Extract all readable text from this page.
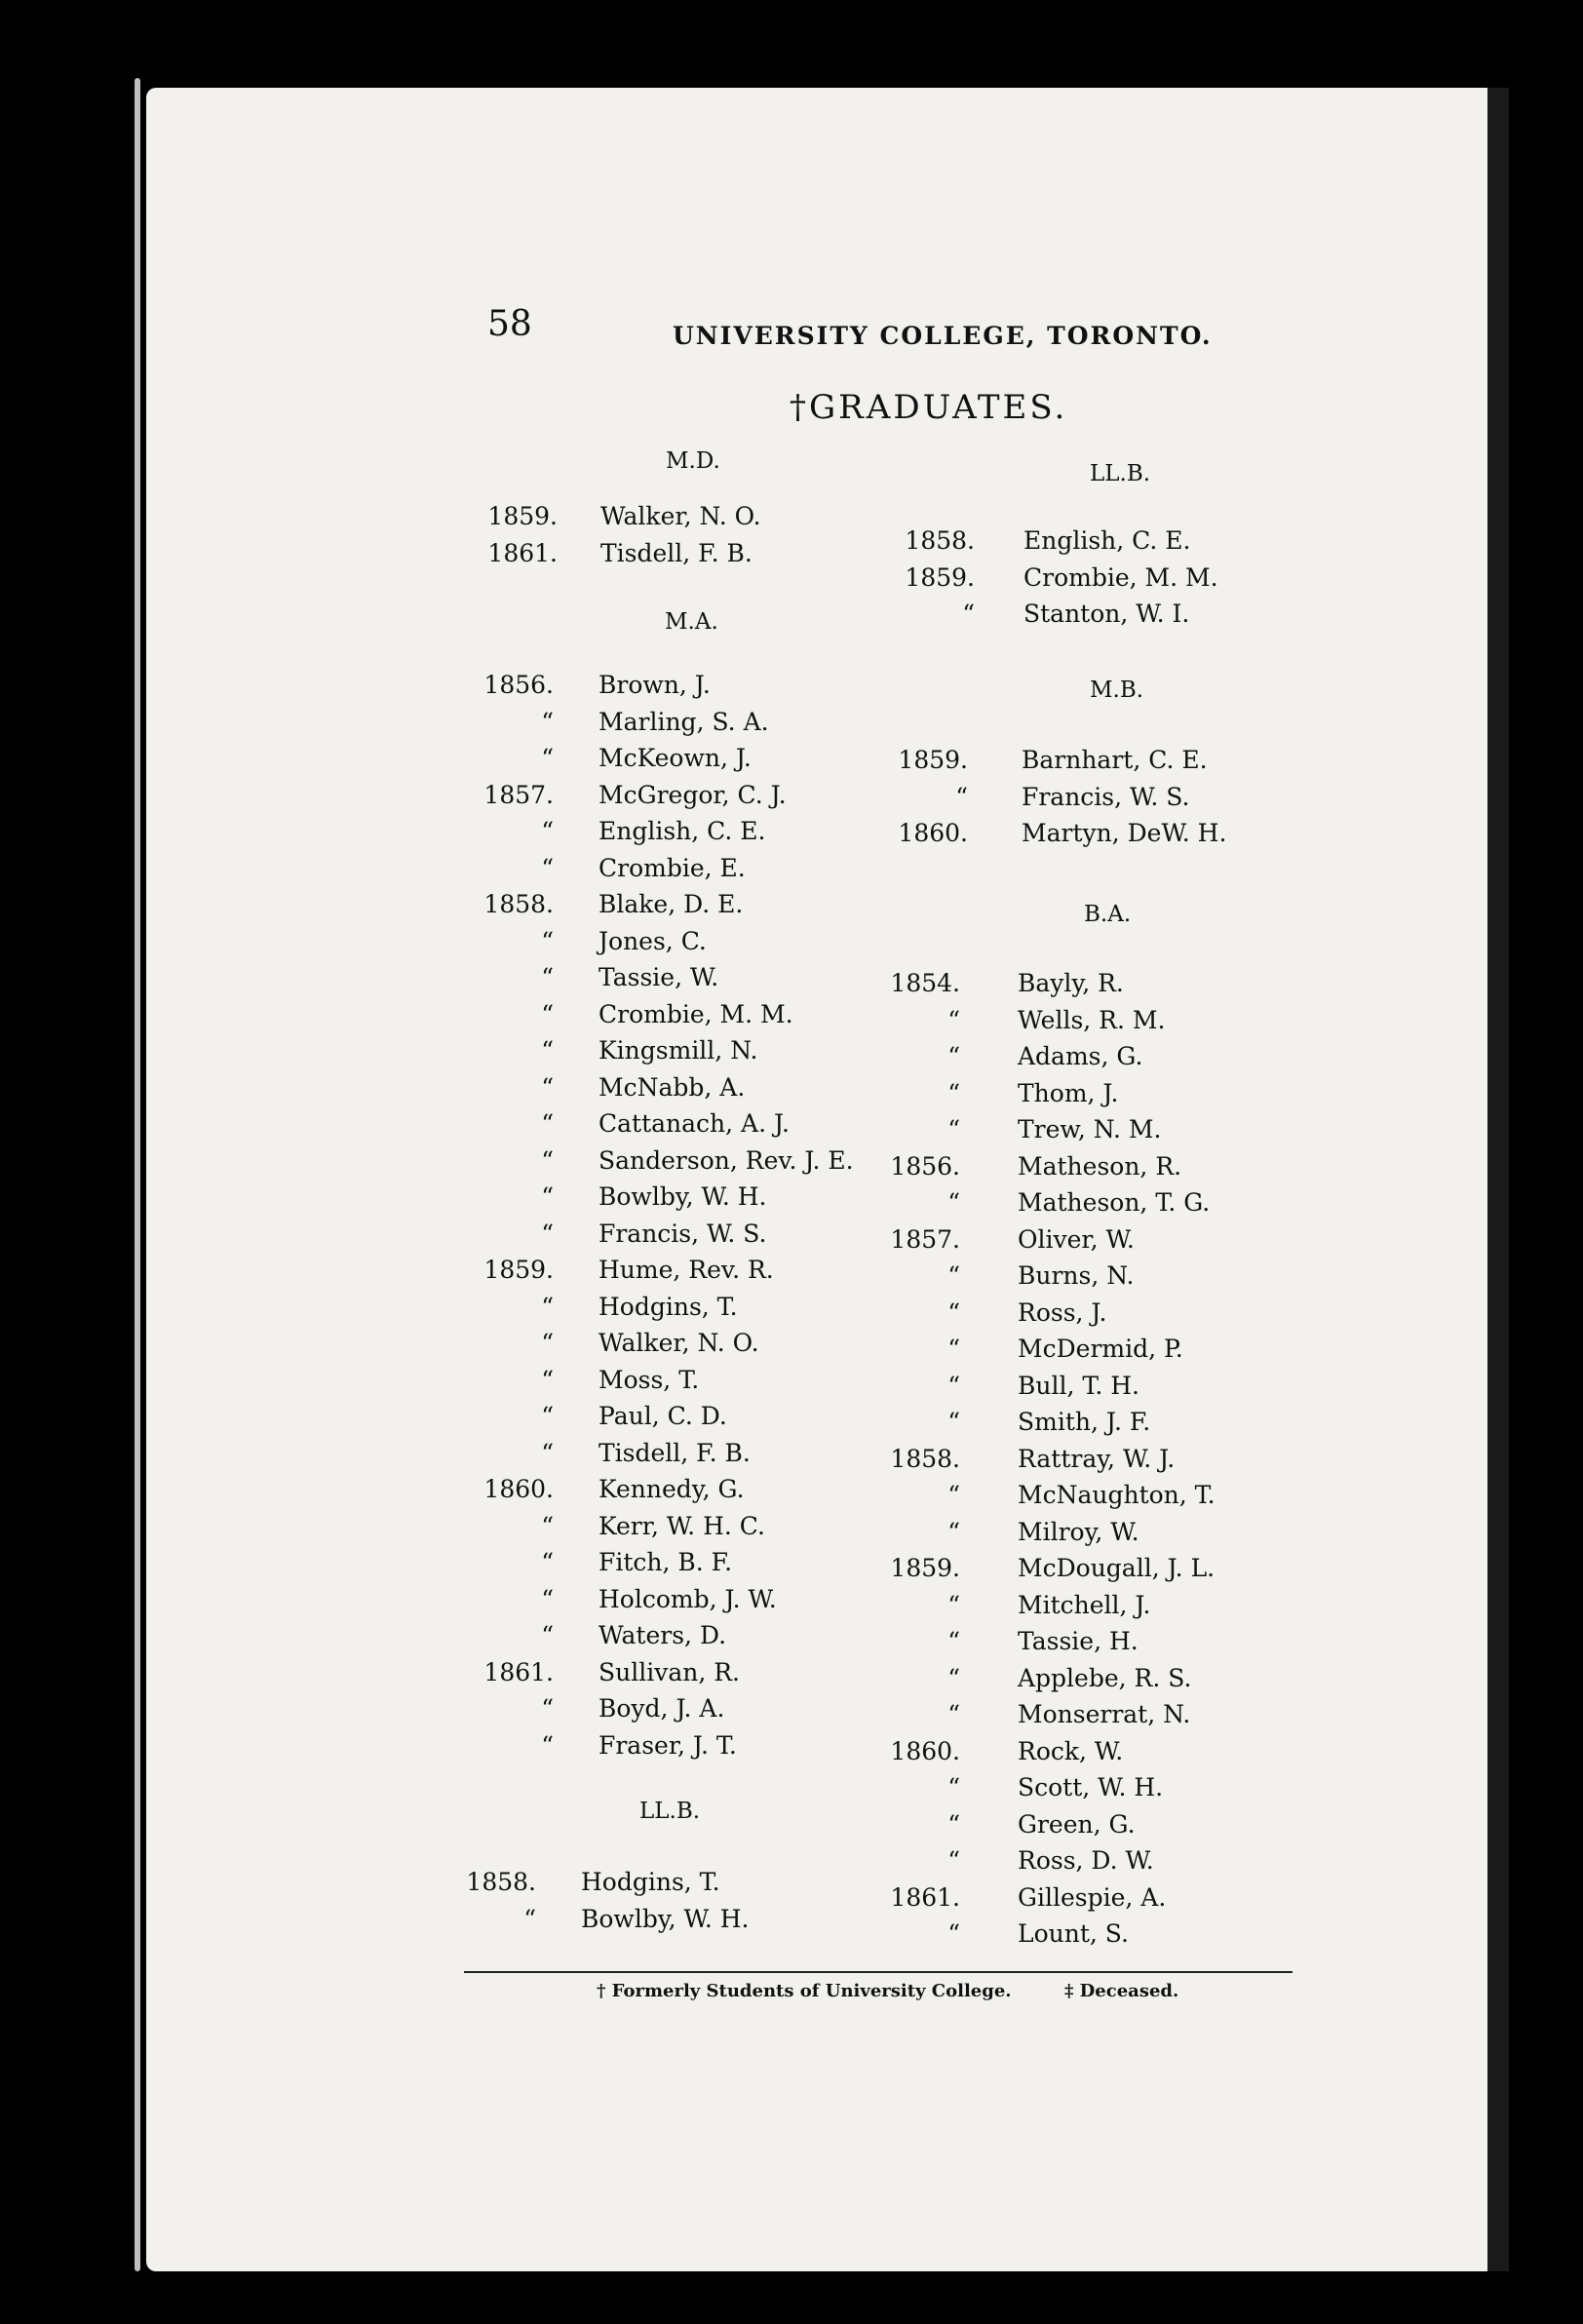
58	UNIVERSITY COLLEGE, TORONTO.
†GRADUATES.
M.D.
M.A.
LL.B.
LL.B.
M.B.
B.A.
1859. Walker, N. O.
1861. Tisdell, F. B.
1856. Brown, J.
“ Marling, S. A.
“ McKeown, J.
1857. McGregor, C. J.
“ English, C. E.
“ Crombie, E.
1858. Blake, D. E.
“ Jones, C.
“ Tassie, W.
“ Crombie, M. M.
“ Kingsmill, N.
“ McNabb, A.
“ Cattanach, A. J.
“ Sanderson, Rev. J. E.
“ Bowlby, W. H.
“ Francis, W. S.
1859. Hume, Rev. R.
“ Hodgins, T.
“ Walker, N. O.
“ Moss, T.
“ Paul, C. D.
“ Tisdell, F. B.
1860. Kennedy, G.
“ Kerr, W. H. C.
“ Fitch, B. F.
“ Holcomb, J. W.
“ Waters, D.
1861. Sullivan, R.
“ Boyd, J. A.
“ Fraser, J. T.
1858. Hodgins, T.
“ Bowlby, W. H.
1858. English, C. E.
1859. Crombie, M. M.
“ Stanton, W. I.
1859. Barnhart, C. E.
“ Francis, W. S.
1860. Martyn, DeW. H.
1854. Bayly, R.
“ Wells, R. M.
“ Adams, G.
“ Thom, J.
“ Trew, N. M.
1856. Matheson, R.
“ Matheson, T. G.
1857. Oliver, W.
“ Burns, N.
“ Ross, J.
“ McDermid, P.
“ Bull, T. H.
“ Smith, J. F.
1858. Rattray, W. J.
“ McNaughton, T.
“ Milroy, W.
1859. McDougall, J. L.
“ Mitchell, J.
“ Tassie, H.
“ Applebe, R. S.
“ Monserrat, N.
1860. Rock, W.
“ Scott, W. H.
“ Green, G.
“ Ross, D. W.
1861. Gillespie, A.
“ Lount, S.
† Formerly Students of University College.	‡ Deceased.
